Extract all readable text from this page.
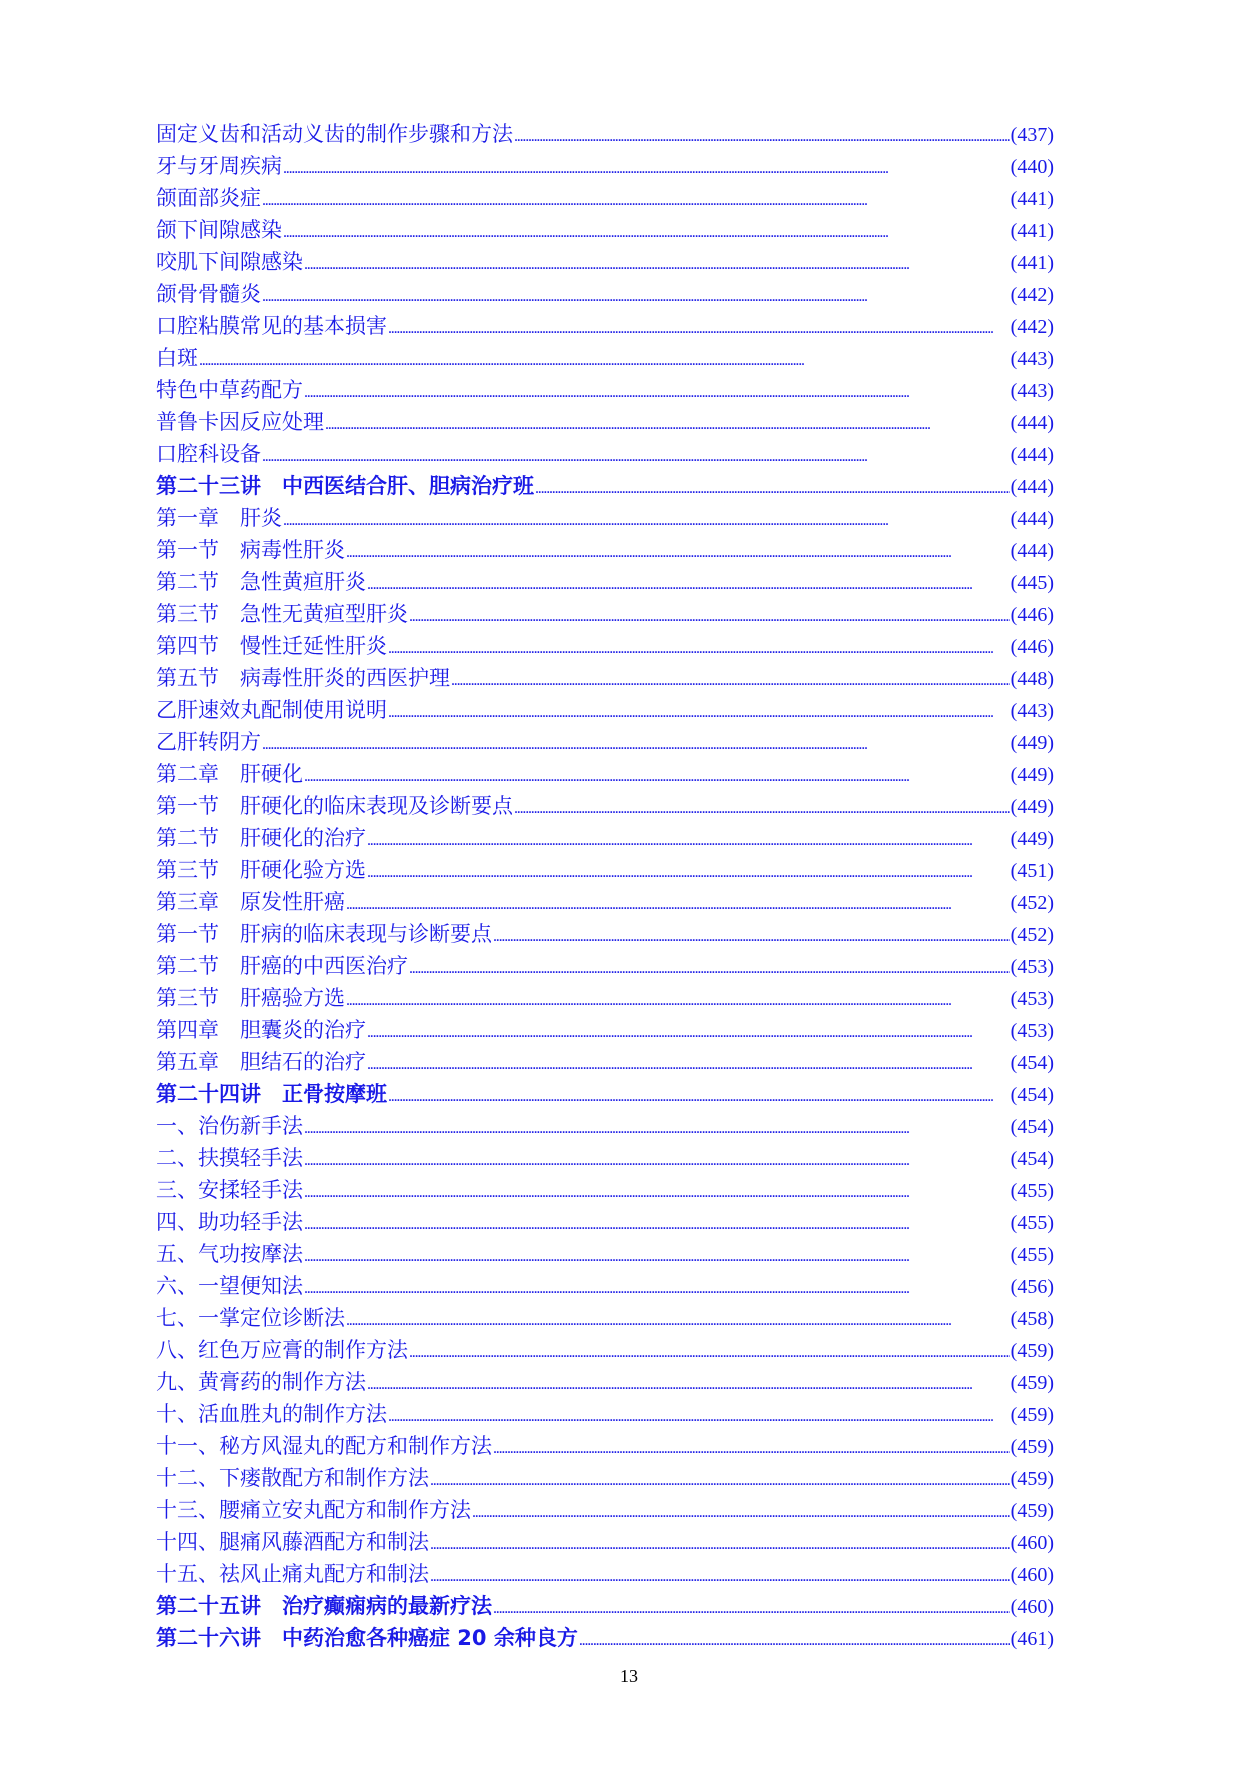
固定义齿和活动义齿的制作步骤和方法 . . .	(437)
牙与牙周疾病 . . .	(440)
颌面部炎症 . . .	(441)
颌下间隙感染 . . .	(441)
咬肌下间隙感染 . . .	(441)
颌骨骨髓炎 . . .	(442)
口腔粘膜常见的基本损害 . . .	(442)
白斑 . . .	(443)
特色中草药配方 . . .	(443)
普鲁卡因反应处理 . . .	(444)
口腔科设备 . . .	(444)
第二十三讲　中西医结合肝、胆病治疗班 . . .	(444)
第一章　肝炎 . . .	(444)
第一节　病毒性肝炎 . . .	(444)
第二节　急性黄疸肝炎 . . .	(445)
第三节　急性无黄疸型肝炎 . . .	(446)
第四节　慢性迁延性肝炎 . . .	(446)
第五节　病毒性肝炎的西医护理 . . .	(448)
乙肝速效丸配制使用说明 . . .	(443)
乙肝转阴方 . . .	(449)
第二章　肝硬化 . . .	(449)
第一节　肝硬化的临床表现及诊断要点 . . .	(449)
第二节　肝硬化的治疗 . . .	(449)
第三节　肝硬化验方选 . . .	(451)
第三章　原发性肝癌 . . .	(452)
第一节　肝病的临床表现与诊断要点 . . .	(452)
第二节　肝癌的中西医治疗 . . .	(453)
第三节　肝癌验方选 . . .	(453)
第四章　胆囊炎的治疗 . . .	(453)
第五章　胆结石的治疗 . . .	(454)
第二十四讲　正骨按摩班 . . .	(454)
一、治伤新手法 . . .	(454)
二、扶摸轻手法 . . .	(454)
三、安揉轻手法 . . .	(455)
四、助功轻手法 . . .	(455)
五、气功按摩法 . . .	(455)
六、一望便知法 . . .	(456)
七、一掌定位诊断法 . . .	(458)
八、红色万应膏的制作方法 . . .	(459)
九、黄膏药的制作方法 . . .	(459)
十、活血胜丸的制作方法 . . .	(459)
十一、秘方风湿丸的配方和制作方法 . . .	(459)
十二、下瘘散配方和制作方法 . . .	(459)
十三、腰痛立安丸配方和制作方法 . . .	(459)
十四、腿痛风藤酒配方和制法 . . .	(460)
十五、祛风止痛丸配方和制法 . . .	(460)
第二十五讲　治疗癫痫病的最新疗法 . . .	(460)
第二十六讲　中药治愈各种癌症 20 余种良方 . . .	(461)
13
